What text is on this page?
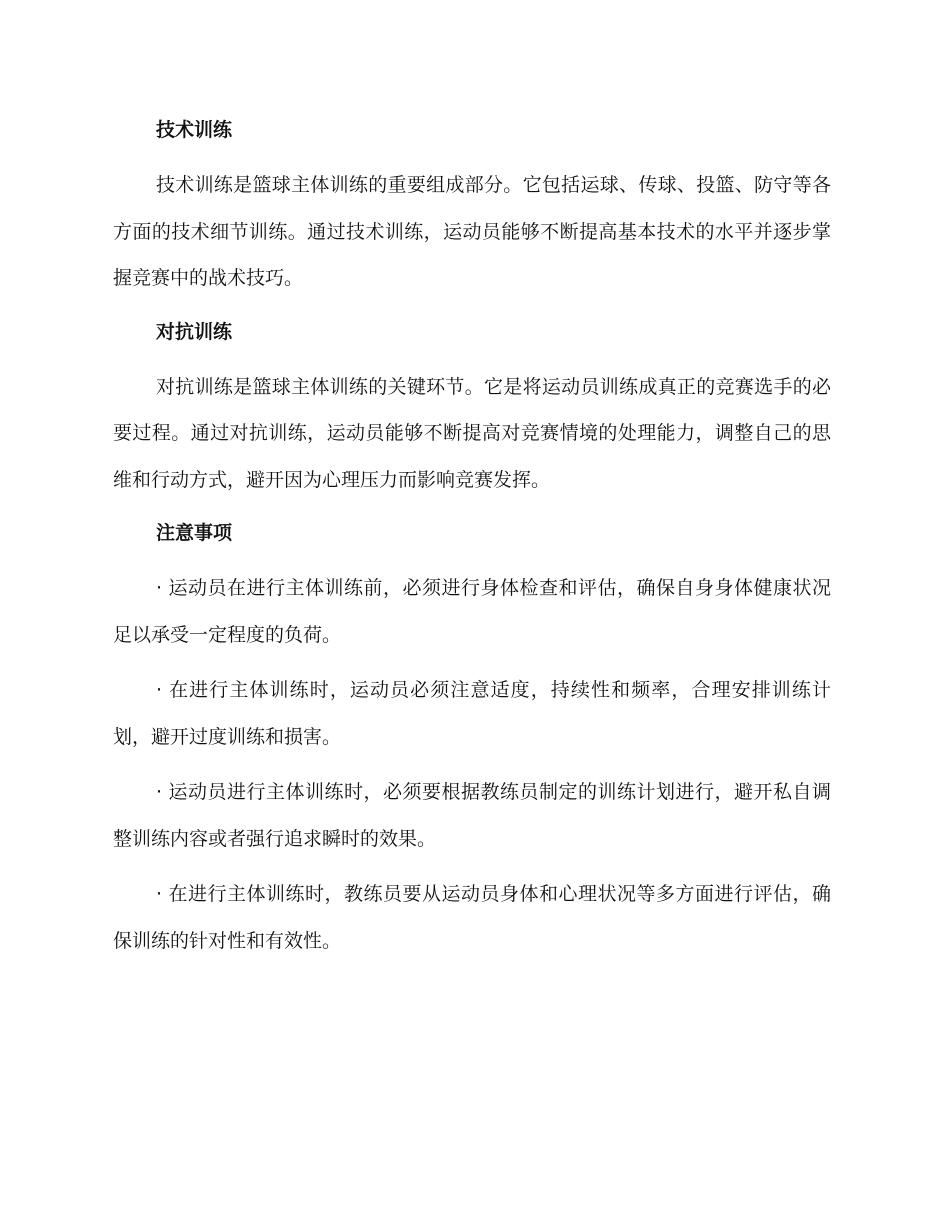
技术训练

技术训练是篮球主体训练的重要组成部分。它包括运球、传球、投篮、防守等各方面的技术细节训练。通过技术训练，运动员能够不断提高基本技术的水平并逐步掌握竞赛中的战术技巧。

对抗训练

对抗训练是篮球主体训练的关键环节。它是将运动员训练成真正的竞赛选手的必要过程。通过对抗训练，运动员能够不断提高对竞赛情境的处理能力，调整自己的思维和行动方式，避开因为心理压力而影响竞赛发挥。

注意事项

· 运动员在进行主体训练前，必须进行身体检查和评估，确保自身身体健康状况足以承受一定程度的负荷。

· 在进行主体训练时，运动员必须注意适度，持续性和频率，合理安排训练计划，避开过度训练和损害。

· 运动员进行主体训练时，必须要根据教练员制定的训练计划进行，避开私自调整训练内容或者强行追求瞬时的效果。

· 在进行主体训练时，教练员要从运动员身体和心理状况等多方面进行评估，确保训练的针对性和有效性。
